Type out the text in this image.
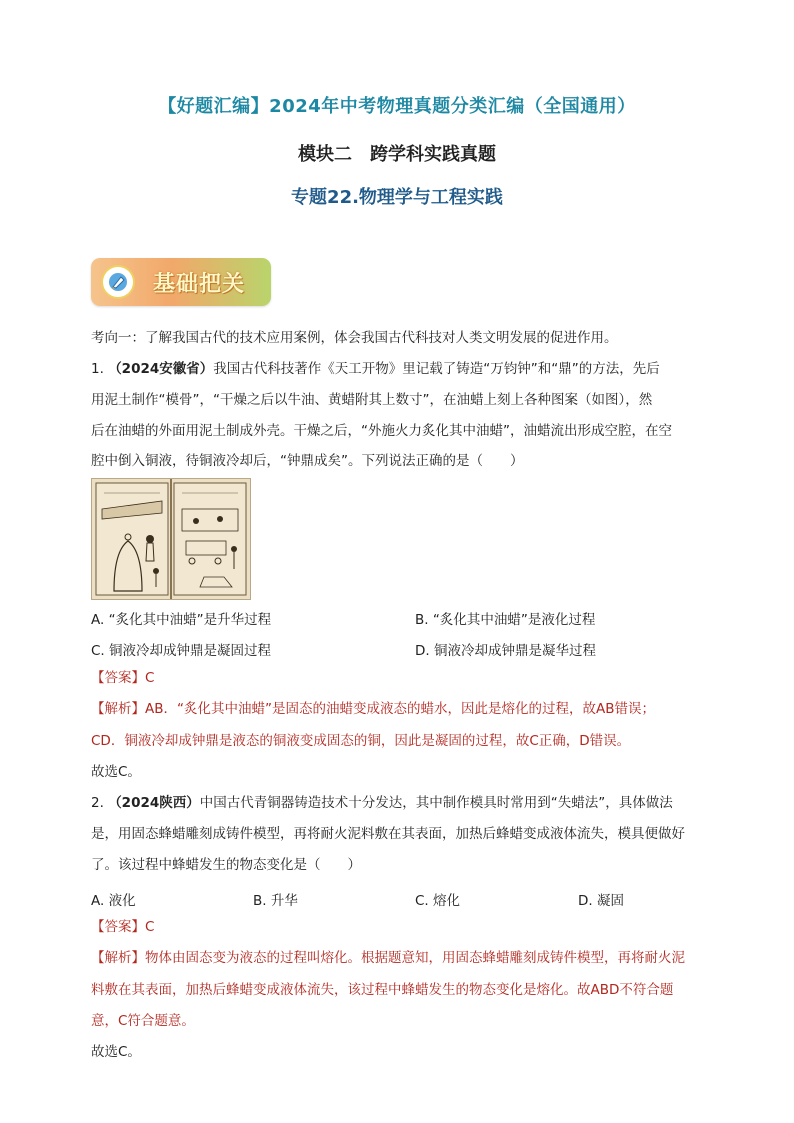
【好题汇编】2024年中考物理真题分类汇编（全国通用）
模块二　跨学科实践真题
专题22.物理学与工程实践
基础把关
考向一：了解我国古代的技术应用案例，体会我国古代科技对人类文明发展的促进作用。
1. （2024安徽省）我国古代科技著作《天工开物》里记载了铸造“万钧钟”和“鼎”的方法，先后
用泥土制作“模骨”，“干燥之后以牛油、黄蜡附其上数寸”，在油蜡上刻上各种图案（如图），然
后在油蜡的外面用泥土制成外壳。干燥之后，“外施火力炙化其中油蜡”，油蜡流出形成空腔，在空
腔中倒入铜液，待铜液冷却后，“钟鼎成矣”。下列说法正确的是（　　）
A. “炙化其中油蜡”是升华过程	B. “炙化其中油蜡”是液化过程
C. 铜液冷却成钟鼎是凝固过程	D. 铜液冷却成钟鼎是凝华过程
【答案】C
【解析】AB．“炙化其中油蜡”是固态的油蜡变成液态的蜡水，因此是熔化的过程，故AB错误；
CD．铜液冷却成钟鼎是液态的铜液变成固态的铜，因此是凝固的过程，故C正确，D错误。
故选C。
2. （2024陕西）中国古代青铜器铸造技术十分发达，其中制作模具时常用到“失蜡法”，具体做法
是，用固态蜂蜡雕刻成铸件模型，再将耐火泥料敷在其表面，加热后蜂蜡变成液体流失，模具便做好
了。该过程中蜂蜡发生的物态变化是（　　）
A. 液化	B. 升华	C. 熔化	D. 凝固
【答案】C
【解析】物体由固态变为液态的过程叫熔化。根据题意知，用固态蜂蜡雕刻成铸件模型，再将耐火泥
料敷在其表面，加热后蜂蜡变成液体流失，该过程中蜂蜡发生的物态变化是熔化。故ABD不符合题
意，C符合题意。
故选C。
